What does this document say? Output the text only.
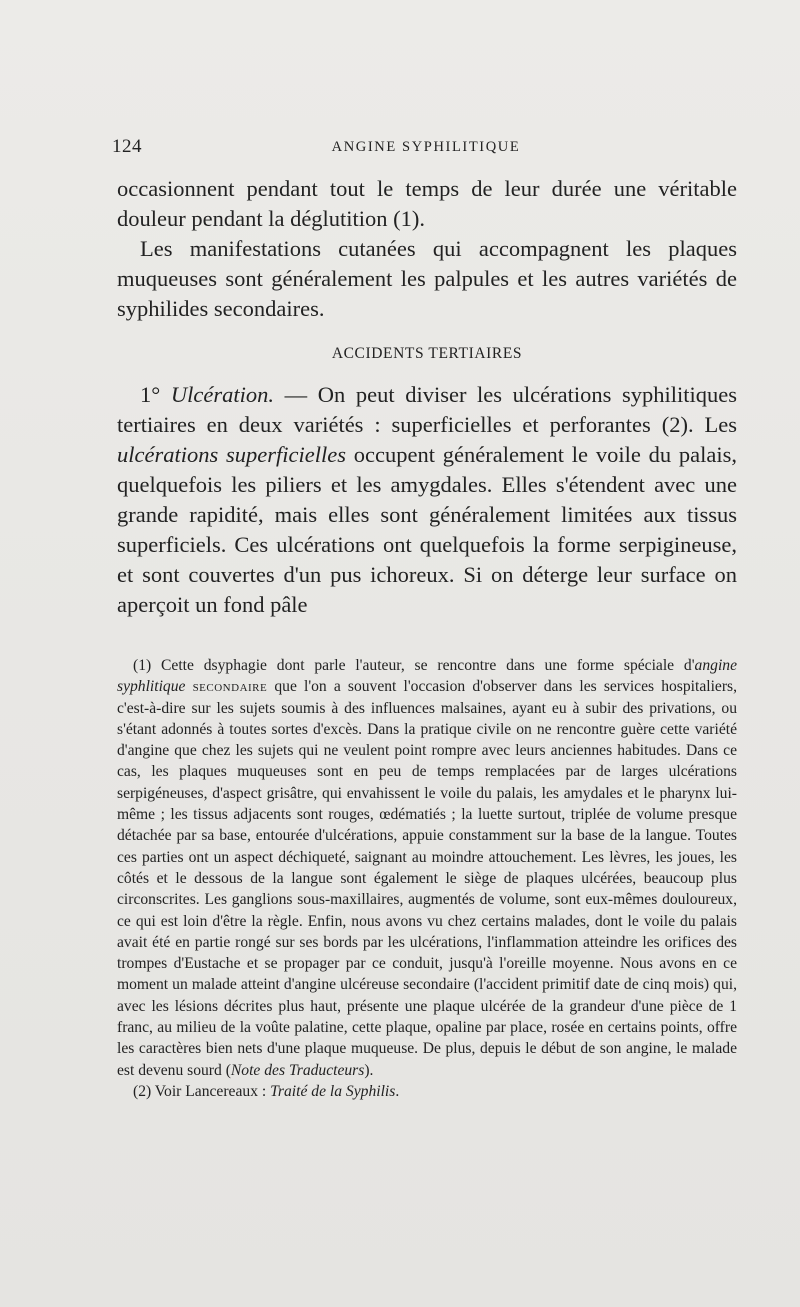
124	ANGINE SYPHILITIQUE

occasionnent pendant tout le temps de leur durée une véritable douleur pendant la déglutition (1).

Les manifestations cutanées qui accompagnent les plaques muqueuses sont généralement les palpules et les autres variétés de syphilides secondaires.

ACCIDENTS TERTIAIRES

1° Ulcération. — On peut diviser les ulcérations syphilitiques tertiaires en deux variétés : superficielles et perforantes (2). Les ulcérations superficielles occupent généralement le voile du palais, quelquefois les piliers et les amygdales. Elles s'étendent avec une grande rapidité, mais elles sont généralement limitées aux tissus superficiels. Ces ulcérations ont quelquefois la forme serpigineuse, et sont couvertes d'un pus ichoreux. Si on déterge leur surface on aperçoit un fond pâle

(1) Cette dsyphagie dont parle l'auteur, se rencontre dans une forme spéciale d'angine syphlitique secondaire que l'on a souvent l'occasion d'observer dans les services hospitaliers, c'est-à-dire sur les sujets soumis à des influences malsaines, ayant eu à subir des privations, ou s'étant adonnés à toutes sortes d'excès. Dans la pratique civile on ne rencontre guère cette variété d'angine que chez les sujets qui ne veulent point rompre avec leurs anciennes habitudes. Dans ce cas, les plaques muqueuses sont en peu de temps remplacées par de larges ulcérations serpigéneuses, d'aspect grisâtre, qui envahissent le voile du palais, les amydales et le pharynx lui-même ; les tissus adjacents sont rouges, œdématiés ; la luette surtout, triplée de volume presque détachée par sa base, entourée d'ulcérations, appuie constamment sur la base de la langue. Toutes ces parties ont un aspect déchiqueté, saignant au moindre attouchement. Les lèvres, les joues, les côtés et le dessous de la langue sont également le siège de plaques ulcérées, beaucoup plus circonscrites. Les ganglions sous-maxillaires, augmentés de volume, sont eux-mêmes douloureux, ce qui est loin d'être la règle. Enfin, nous avons vu chez certains malades, dont le voile du palais avait été en partie rongé sur ses bords par les ulcérations, l'inflammation atteindre les orifices des trompes d'Eustache et se propager par ce conduit, jusqu'à l'oreille moyenne. Nous avons en ce moment un malade atteint d'angine ulcéreuse secondaire (l'accident primitif date de cinq mois) qui, avec les lésions décrites plus haut, présente une plaque ulcérée de la grandeur d'une pièce de 1 franc, au milieu de la voûte palatine, cette plaque, opaline par place, rosée en certains points, offre les caractères bien nets d'une plaque muqueuse. De plus, depuis le début de son angine, le malade est devenu sourd (Note des Traducteurs).

(2) Voir Lancereaux : Traité de la Syphilis.
